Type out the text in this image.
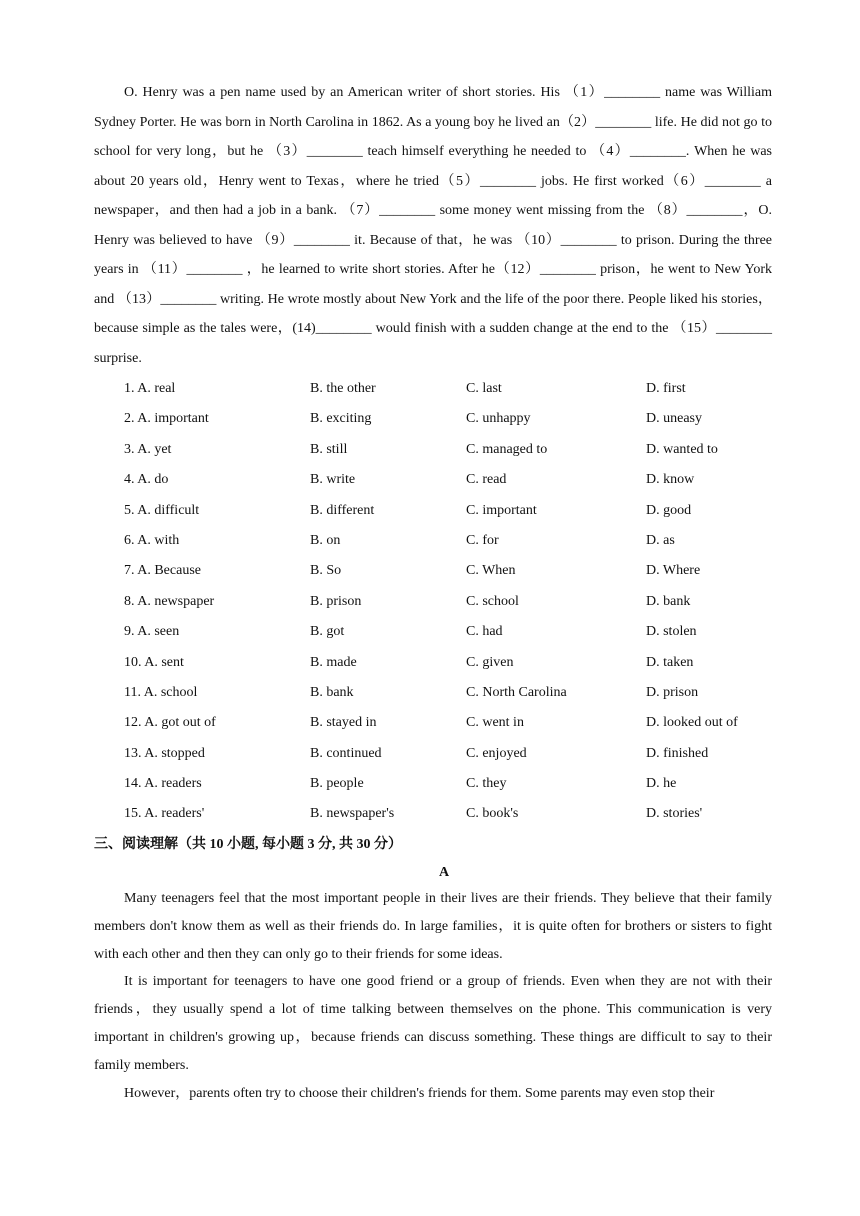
O. Henry was a pen name used by an American writer of short stories. His （1）________ name was William Sydney Porter. He was born in North Carolina in 1862. As a young boy he lived an（2）________ life. He did not go to school for very long，but he （3）________ teach himself everything he needed to （4）________. When he was about 20 years old，Henry went to Texas，where he tried（5）________ jobs. He first worked（6）________ a newspaper，and then had a job in a bank. （7）________ some money went missing from the （8）________，O. Henry was believed to have （9）________ it. Because of that，he was （10）________ to prison. During the three years in （11）________ ，he learned to write short stories. After he（12）________ prison，he went to New York and （13）________ writing. He wrote mostly about New York and the life of the poor there. People liked his stories，because simple as the tales were，(14)________ would finish with a sudden change at the end to the （15）________ surprise.

1. A. real	B. the other	C. last	D. first
2. A. important	B. exciting	C. unhappy	D. uneasy
3. A. yet	B. still	C. managed to	D. wanted to
4. A. do	B. write	C. read	D. know
5. A. difficult	B. different	C. important	D. good
6. A. with	B. on	C. for	D. as
7. A. Because	B. So	C. When	D. Where
8. A. newspaper	B. prison	C. school	D. bank
9. A. seen	B. got	C. had	D. stolen
10. A. sent	B. made	C. given	D. taken
11. A. school	B. bank	C. North Carolina	D. prison
12. A. got out of	B. stayed in	C. went in	D. looked out of
13. A. stopped	B. continued	C. enjoyed	D. finished
14. A. readers	B. people	C. they	D. he
15. A. readers'	B. newspaper's	C. book's	D. stories'
三、阅读理解（共 10 小题, 每小题 3 分, 共 30 分）
A

Many teenagers feel that the most important people in their lives are their friends. They believe that their family members don't know them as well as their friends do. In large families，it is quite often for brothers or sisters to fight with each other and then they can only go to their friends for some ideas.

It is important for teenagers to have one good friend or a group of friends. Even when they are not with their friends，they usually spend a lot of time talking between themselves on the phone. This communication is very important in children's growing up，because friends can discuss something. These things are difficult to say to their family members.

However，parents often try to choose their children's friends for them. Some parents may even stop their
